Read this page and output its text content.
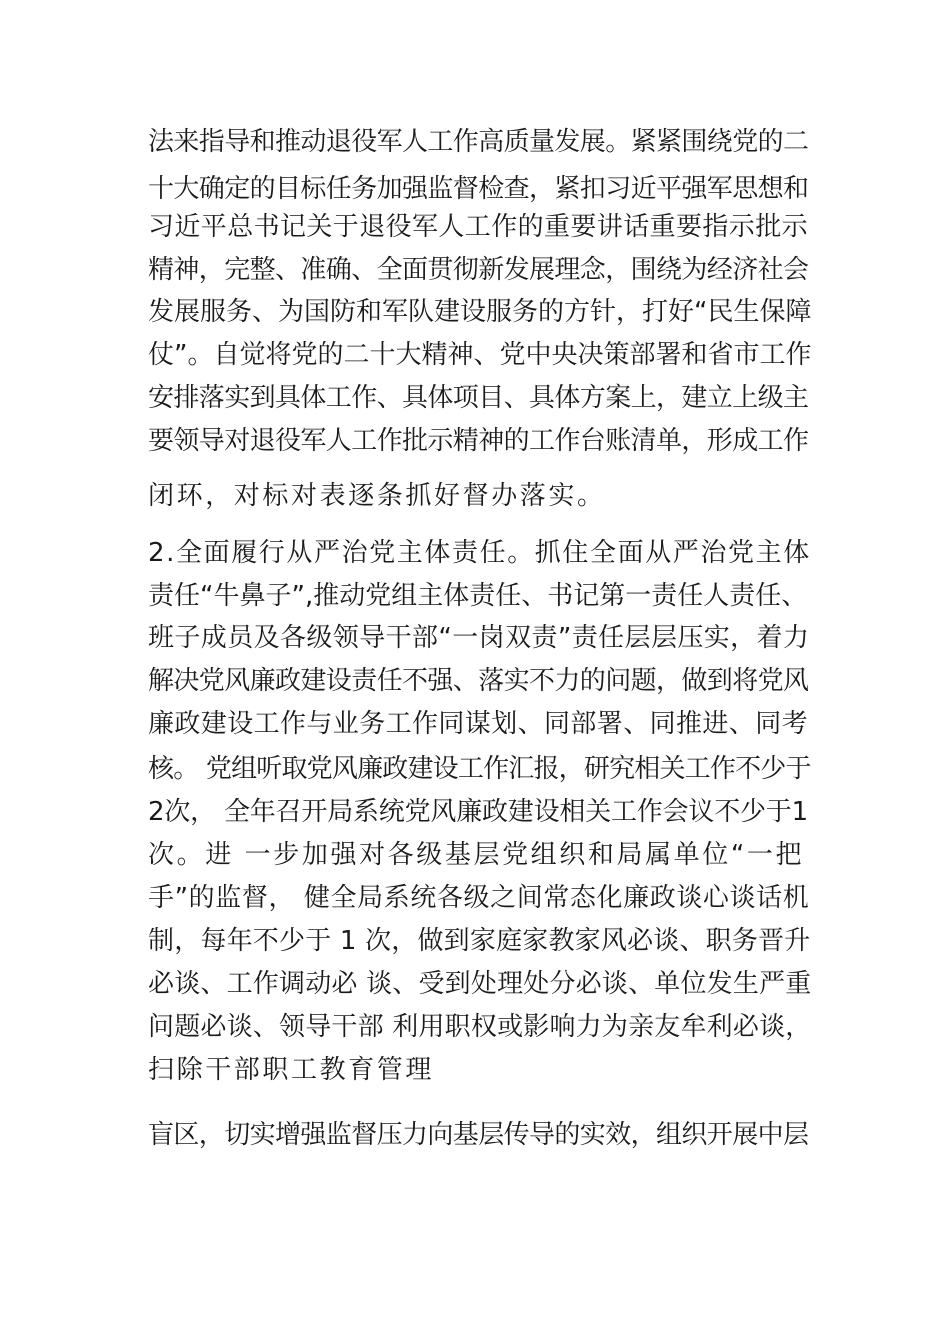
法来指导和推动退役军人工作高质量发展。紧紧围绕党的二
十大确定的目标任务加强监督检查，紧扣习近平强军思想和
习近平总书记关于退役军人工作的重要讲话重要指示批示
精神，完整、准确、全面贯彻新发展理念，围绕为经济社会
发展服务、为国防和军队建设服务的方针，打好“民生保障
仗”。自觉将党的二十大精神、党中央决策部署和省市工作
安排落实到具体工作、具体项目、具体方案上，建立上级主
要领导对退役军人工作批示精神的工作台账清单，形成工作
闭环，对标对表逐条抓好督办落实。
2.全面履行从严治党主体责任。抓住全面从严治党主体
责任“牛鼻子”,推动党组主体责任、书记第一责任人责任、
班子成员及各级领导干部“一岗双责”责任层层压实，着力
解决党风廉政建设责任不强、落实不力的问题，做到将党风
廉政建设工作与业务工作同谋划、同部署、同推进、同考
核。 党组听取党风廉政建设工作汇报，研究相关工作不少于
2次， 全年召开局系统党风廉政建设相关工作会议不少于1
次。进 一步加强对各级基层党组织和局属单位“一把
手”的监督， 健全局系统各级之间常态化廉政谈心谈话机
制，每年不少于 1 次，做到家庭家教家风必谈、职务晋升
必谈、工作调动必 谈、受到处理处分必谈、单位发生严重
问题必谈、领导干部 利用职权或影响力为亲友牟利必谈，
扫除干部职工教育管理
盲区，切实增强监督压力向基层传导的实效，组织开展中层
